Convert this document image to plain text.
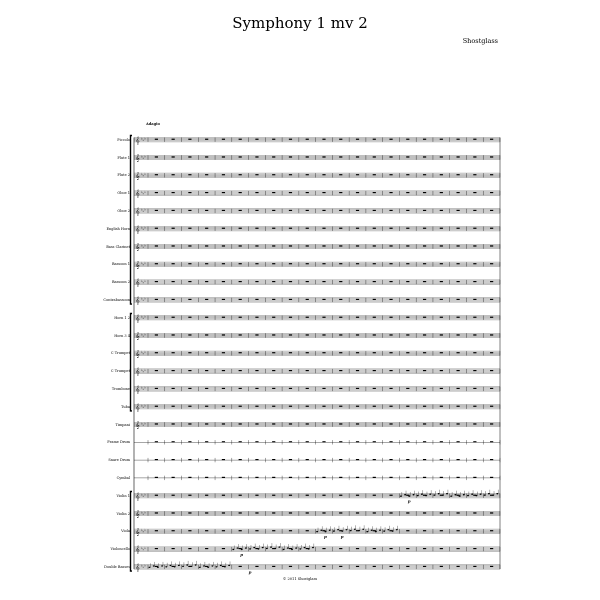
Symphony 1 mv 2
Shostglass
Adagio
Piccolo
Flute 1
Flute 2
Oboe 1
Oboe 2
English Horn
Bass Clarinet
Bassoon 1
Bassoon 2
Contrabassoon
Horn 1 2
Horn 3 4
C Trumpet
C Trumpet
Trombone
Tuba
Timpani
Frame Drum
Snare Drum
Cymbal
Violin 1
Violin 2
Viola
Violoncello
Double Basses
𝄞 ♭ ♭ ♭
𝄞 ♭ ♭ ♭
𝄞 ♭ ♭ ♭
𝄞 ♭ ♭ ♭
𝄞 ♭ ♭ ♭
𝄞 ♭ ♭ ♭
𝄞 ♭ ♭ ♭
𝄞 ♭ ♭ ♭
𝄞 ♭ ♭ ♭
𝄞 ♭ ♭ ♭
𝄞 ♭ ♭ ♭
𝄞 ♭ ♭ ♭
𝄞 ♭ ♭ ♭
𝄞 ♭ ♭ ♭
𝄞 ♭ ♭ ♭
𝄞 ♭ ♭ ♭
𝄞 ♭ ♭ ♭
𝄞 ♭ ♭ ♭
𝄞 ♭ ♭ ♭
𝄞 ♭ ♭ ♭
𝄞 ♭ ♭ ♭
𝄞 ♭ ♭ ♭
p
p
p	p
p
© 2011 Shostglass
